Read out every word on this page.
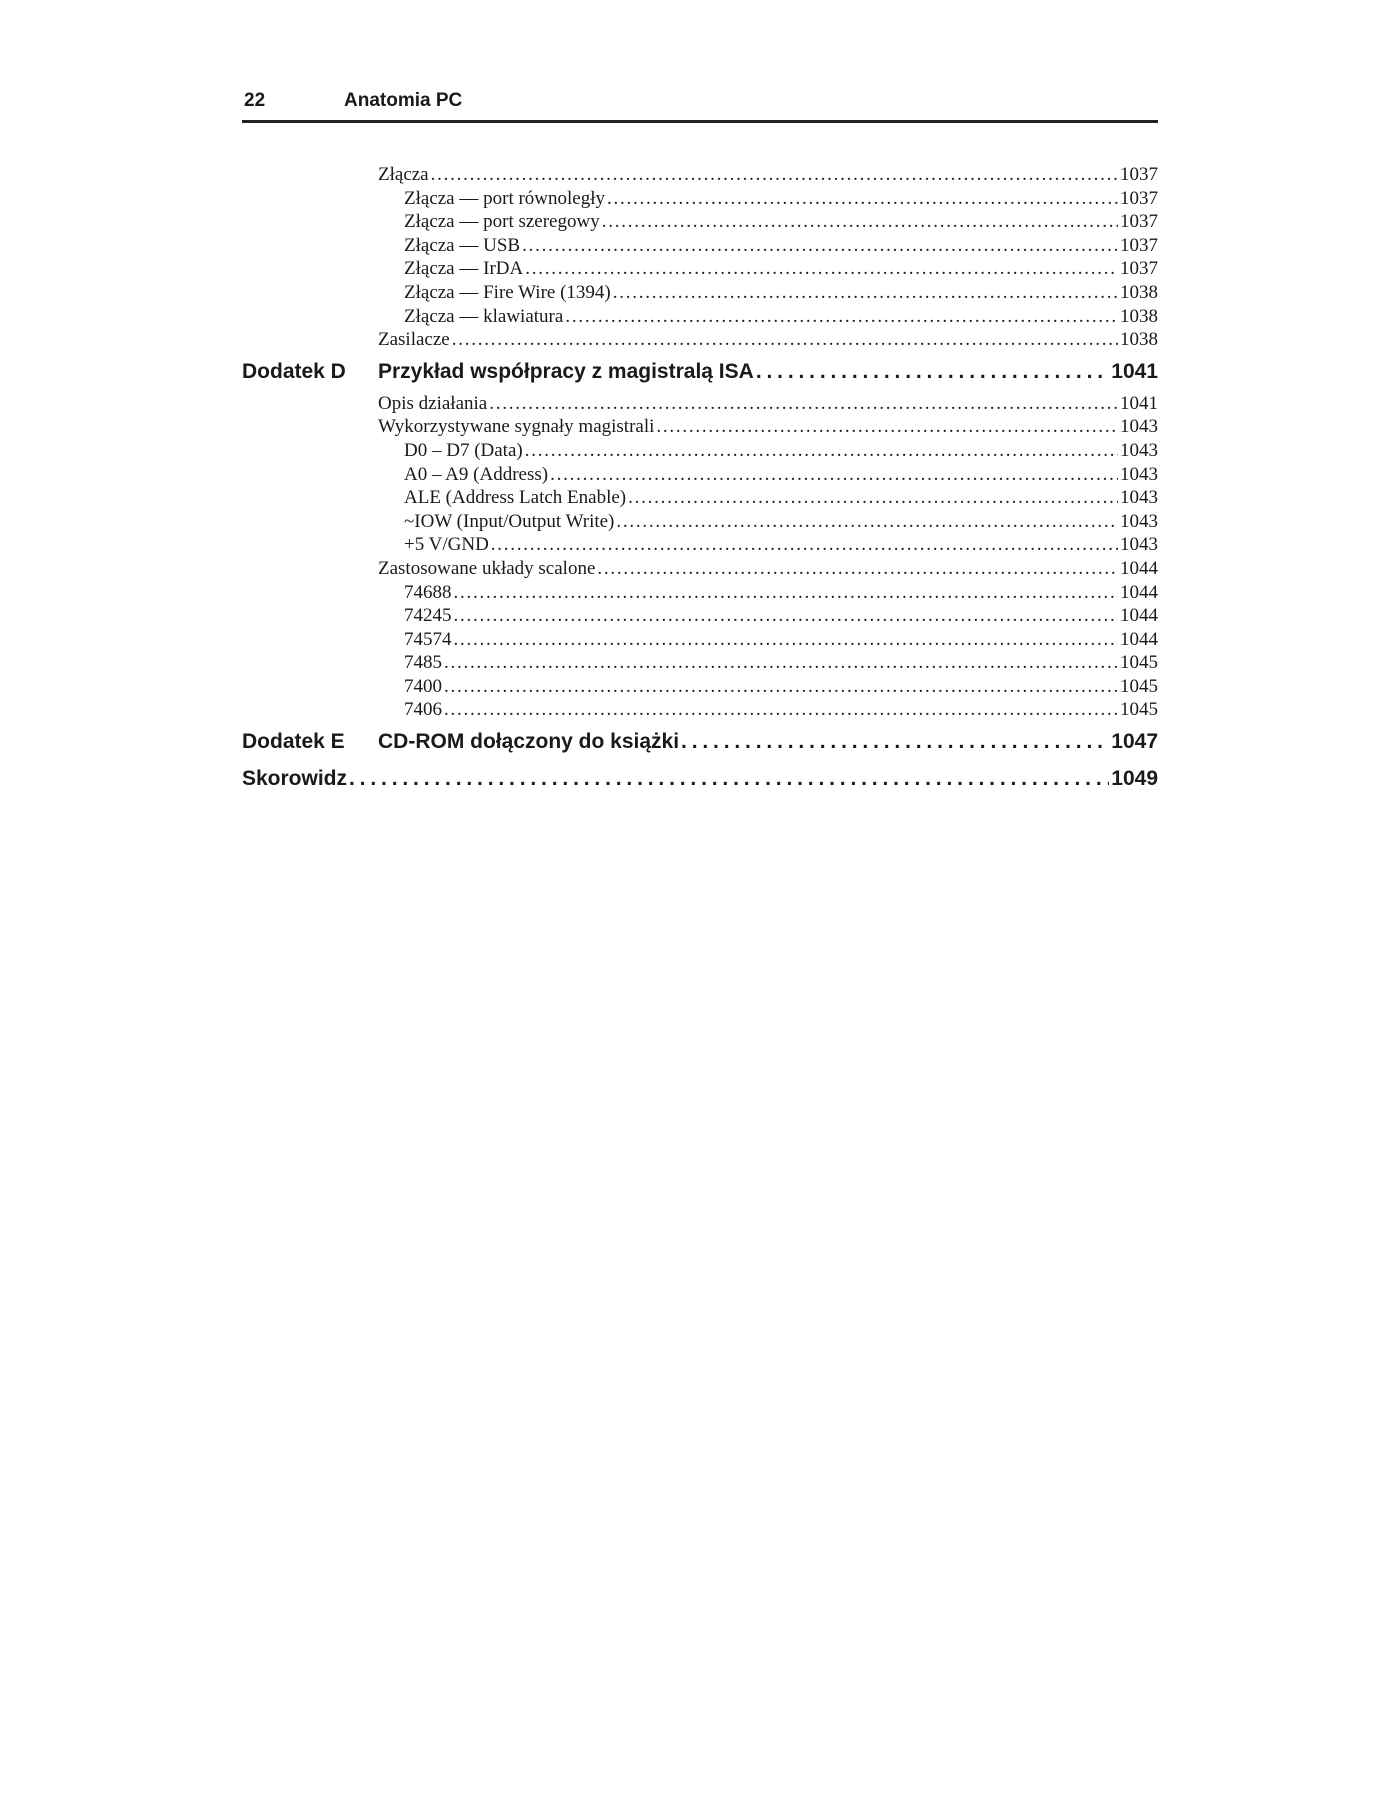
22	Anatomia PC
Złącza . . .	1037
Złącza — port równoległy . . .	1037
Złącza — port szeregowy . . .	1037
Złącza — USB . . .	1037
Złącza — IrDA . . .	1037
Złącza — Fire Wire (1394) . . .	1038
Złącza — klawiatura . . .	1038
Zasilacze . . .	1038
Dodatek D	Przykład współpracy z magistralą ISA . . .	1041
Opis działania . . .	1041
Wykorzystywane sygnały magistrali . . .	1043
D0 – D7 (Data) . . .	1043
A0 – A9 (Address) . . .	1043
ALE (Address Latch Enable) . . .	1043
~IOW (Input/Output Write) . . .	1043
+5 V/GND . . .	1043
Zastosowane układy scalone . . .	1044
74688 . . .	1044
74245 . . .	1044
74574 . . .	1044
7485 . . .	1045
7400 . . .	1045
7406 . . .	1045
Dodatek E	CD-ROM dołączony do książki . . .	1047
Skorowidz . . .	1049
